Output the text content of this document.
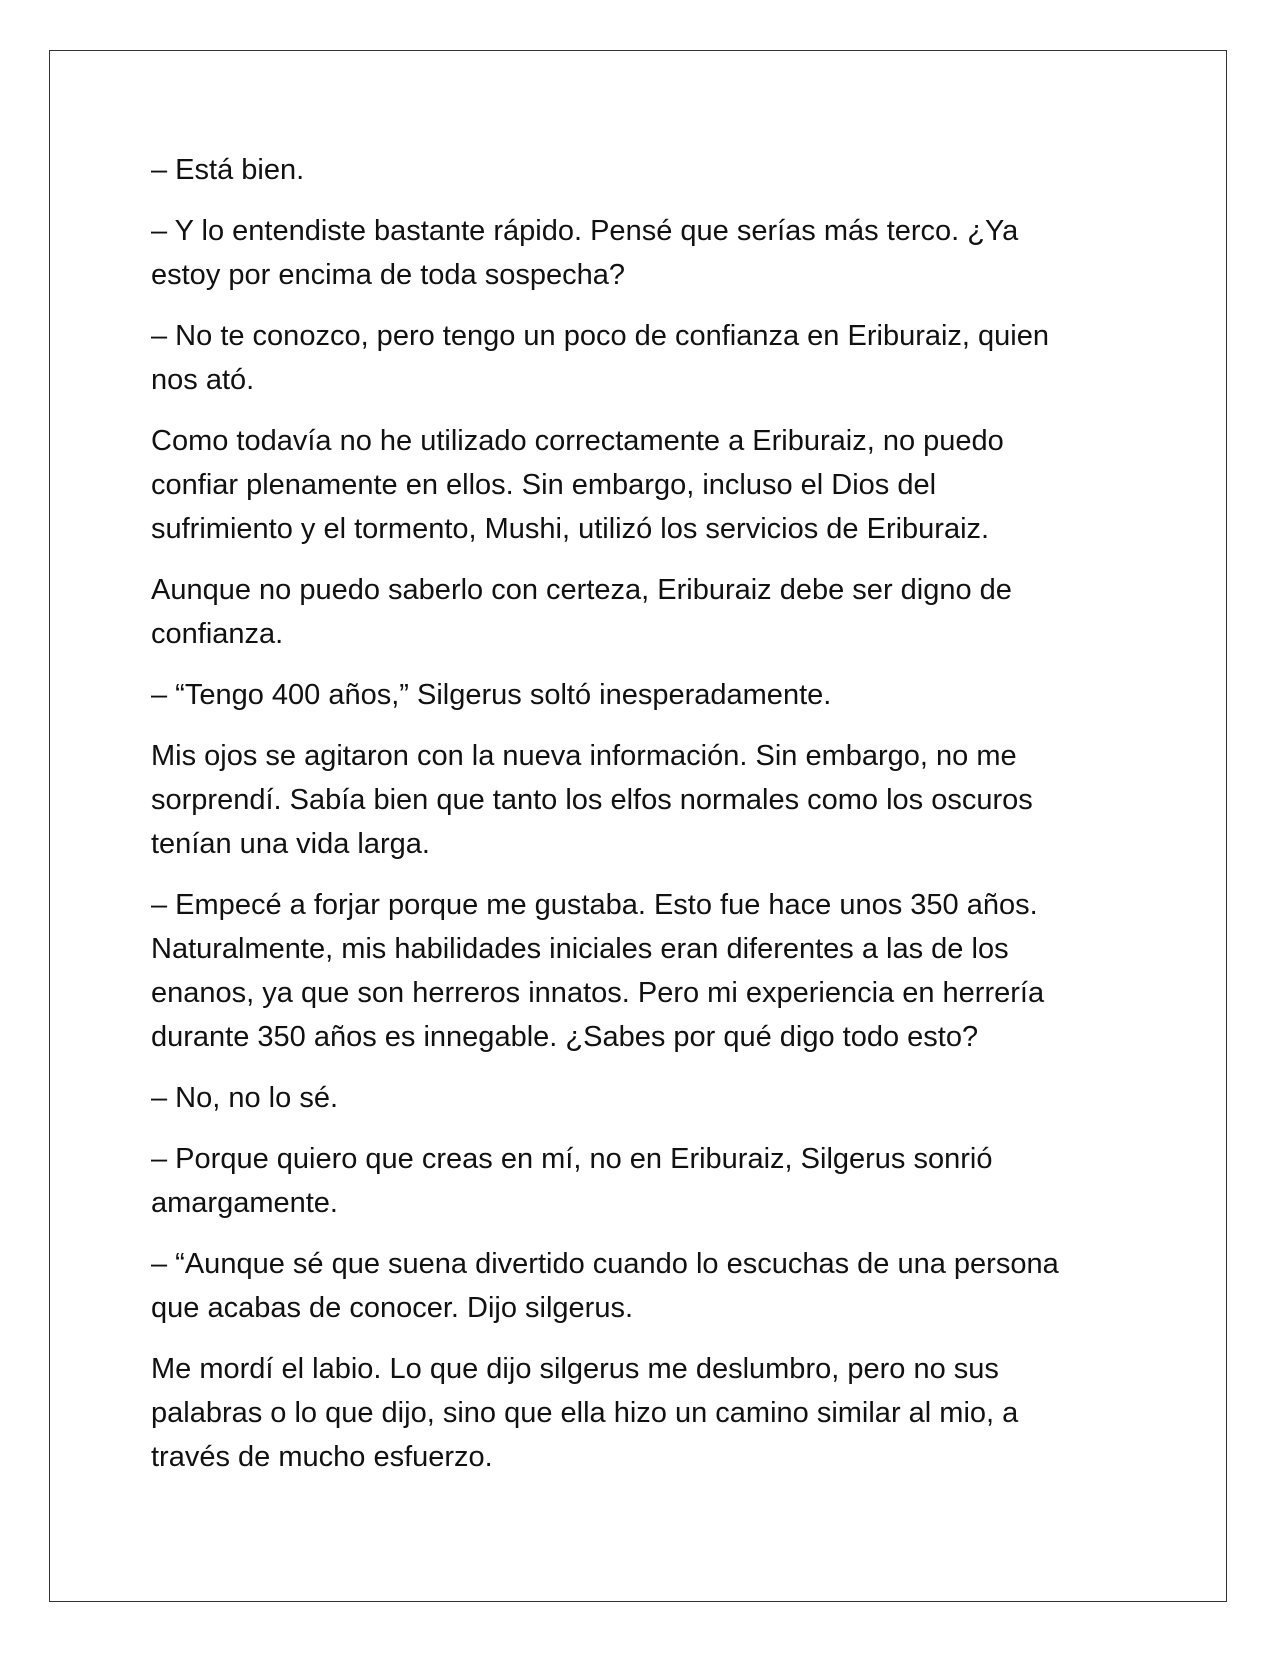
– Está bien.

– Y lo entendiste bastante rápido. Pensé que serías más terco. ¿Ya
estoy por encima de toda sospecha?

– No te conozco, pero tengo un poco de confianza en Eriburaiz, quien
nos ató.

Como todavía no he utilizado correctamente a Eriburaiz, no puedo
confiar plenamente en ellos. Sin embargo, incluso el Dios del
sufrimiento y el tormento, Mushi, utilizó los servicios de Eriburaiz.

Aunque no puedo saberlo con certeza, Eriburaiz debe ser digno de
confianza.

– “Tengo 400 años,” Silgerus soltó inesperadamente.

Mis ojos se agitaron con la nueva información. Sin embargo, no me
sorprendí. Sabía bien que tanto los elfos normales como los oscuros
tenían una vida larga.

– Empecé a forjar porque me gustaba. Esto fue hace unos 350 años.
Naturalmente, mis habilidades iniciales eran diferentes a las de los
enanos, ya que son herreros innatos. Pero mi experiencia en herrería
durante 350 años es innegable. ¿Sabes por qué digo todo esto?

– No, no lo sé.

– Porque quiero que creas en mí, no en Eriburaiz, Silgerus sonrió
amargamente.

– “Aunque sé que suena divertido cuando lo escuchas de una persona
que acabas de conocer. Dijo silgerus.

Me mordí el labio. Lo que dijo silgerus me deslumbro, pero no sus
palabras o lo que dijo, sino que ella hizo un camino similar al mio, a
través de mucho esfuerzo.
